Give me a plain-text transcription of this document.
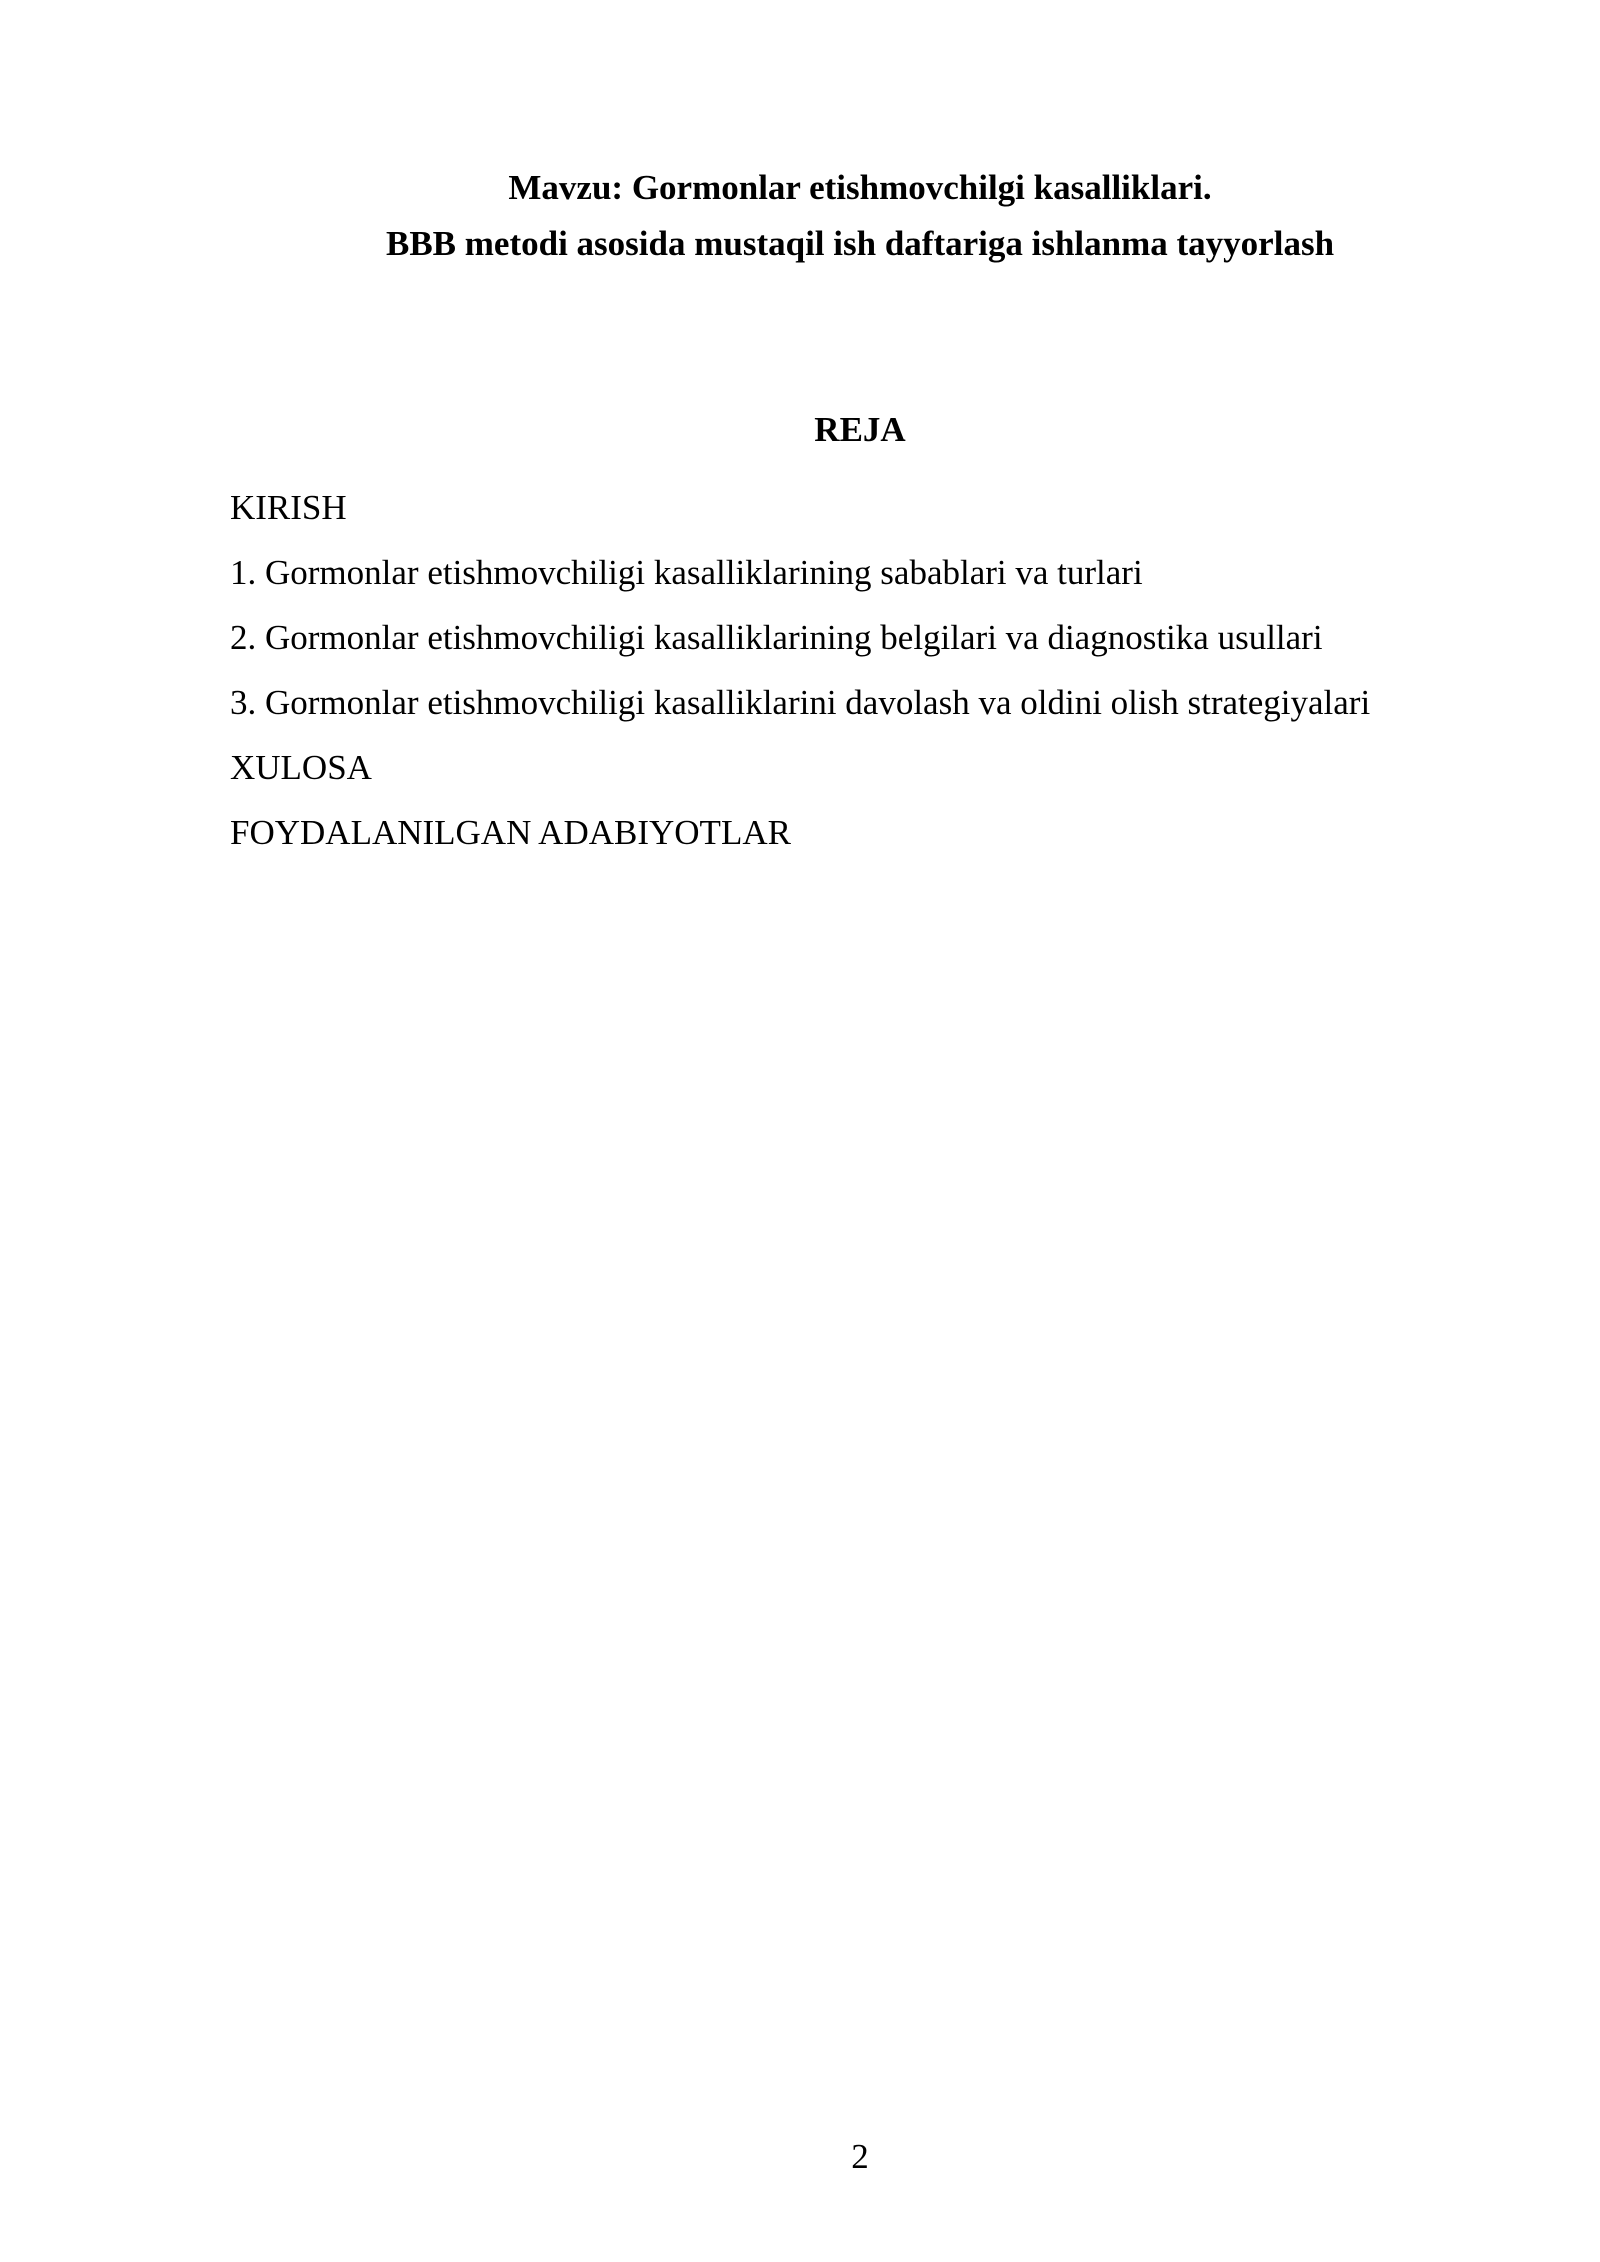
Mavzu: Gormonlar etishmovchilgi kasalliklari.
BBB metodi asosida mustaqil ish daftariga ishlanma tayyorlash
REJA
KIRISH
1. Gormonlar etishmovchiligi kasalliklarining sabablari va turlari
2. Gormonlar etishmovchiligi kasalliklarining belgilari va diagnostika usullari
3. Gormonlar etishmovchiligi kasalliklarini davolash va oldini olish strategiyalari
XULOSA
FOYDALANILGAN ADABIYOTLAR
2
